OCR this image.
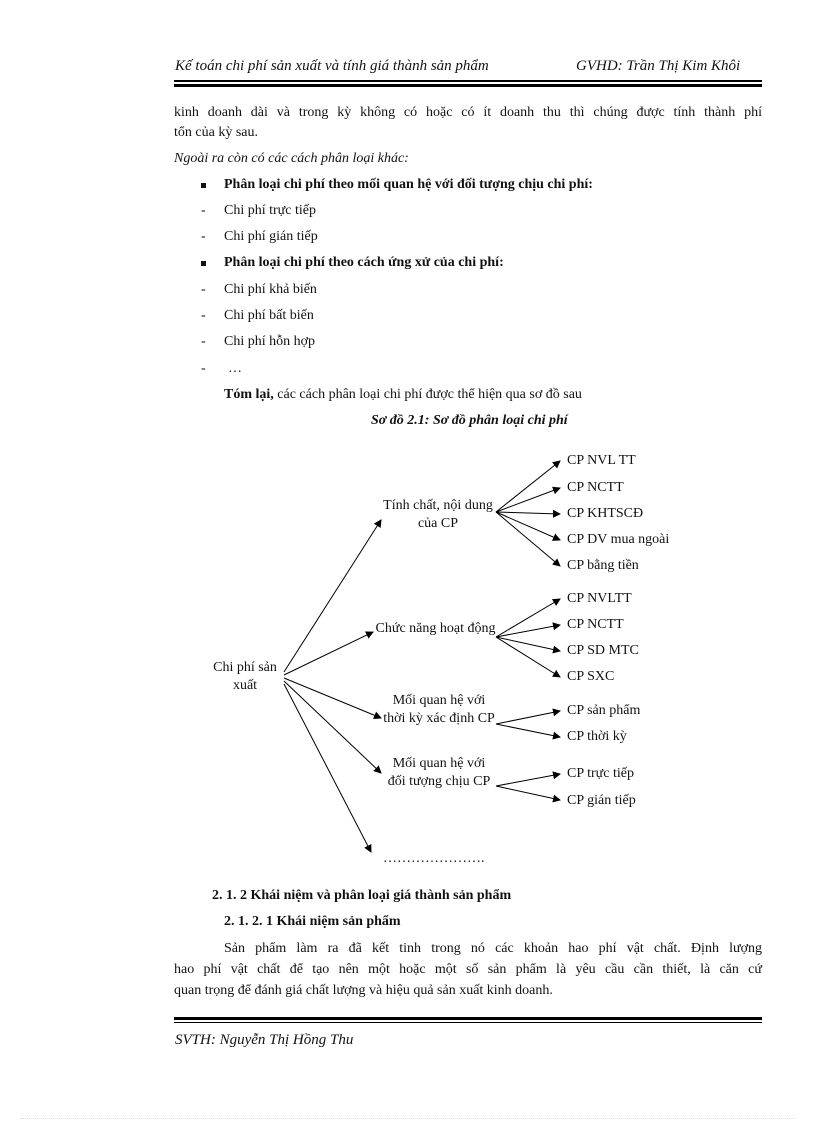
Kế toán chi phí sản xuất và tính giá thành sản phẩm	GVHD: Trần Thị Kim Khôi
kinh doanh dài và trong kỳ không có hoặc có ít doanh thu thì chúng được tính thành phí
tổn của kỳ sau.
Ngoài ra còn có các cách phân loại khác:
Phân loại chi phí theo mối quan hệ với đối tượng chịu chi phí:
- Chi phí trực tiếp
- Chi phí gián tiếp
Phân loại chi phí theo cách ứng xử của chi phí:
- Chi phí khả biến
- Chi phí bất biến
- Chi phí hỗn hợp
- …
Tóm lại, các cách phân loại chi phí được thể hiện qua sơ đồ sau
Sơ đồ 2.1: Sơ đồ phân loại chi phí
Chi phí sản xuất
Tính chất, nội dung của CP
Chức năng hoạt động
Mối quan hệ với thời kỳ xác định CP
Mối quan hệ với đối tượng chịu CP
CP NVL TT
CP NCTT
CP KHTSCĐ
CP DV mua ngoài
CP bằng tiền
CP NVLTT
CP NCTT
CP SD MTC
CP SXC
CP sản phẩm
CP thời kỳ
CP trực tiếp
CP gián tiếp
………………….
2. 1. 2 Khái niệm và phân loại giá thành sản phẩm
2. 1. 2. 1 Khái niệm sản phẩm
Sản phẩm làm ra đã kết tinh trong nó các khoản hao phí vật chất. Định lượng
hao phí vật chất để tạo nên một hoặc một số sản phẩm là yêu cầu cần thiết, là căn cứ
quan trọng để đánh giá chất lượng và hiệu quả sản xuất kinh doanh.
SVTH: Nguyễn Thị Hồng Thu
